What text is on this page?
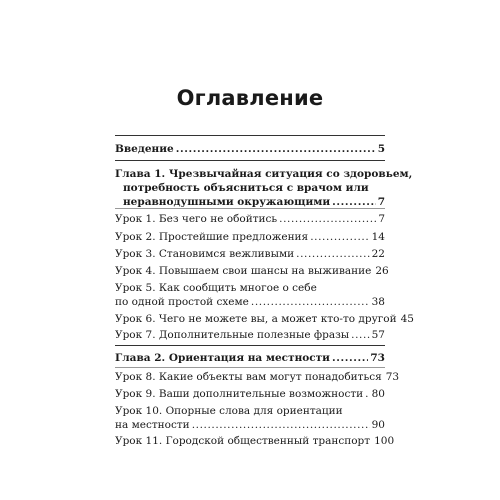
Оглавление
Введение .....	5
Глава 1. Чрезвычайная ситуация со здоровьем,
потребность объясниться с врачом или
неравнодушными окружающими .....	7
Урок 1. Без чего не обойтись .....	7
Урок 2. Простейшие предложения .....	14
Урок 3. Становимся вежливыми .....	22
Урок 4. Повышаем свои шансы на выживание 26
Урок 5. Как сообщить многое о себе
по одной простой схеме .....	38
Урок 6. Чего не можете вы, а может кто-то другой 45
Урок 7. Дополнительные полезные фразы ..... 57
Глава 2. Ориентация на местности .....	73
Урок 8. Какие объекты вам могут понадобиться 73
Урок 9. Ваши дополнительные возможности ..... 80
Урок 10. Опорные слова для ориентации
на местности .....	90
Урок 11. Городской общественный транспорт 100
